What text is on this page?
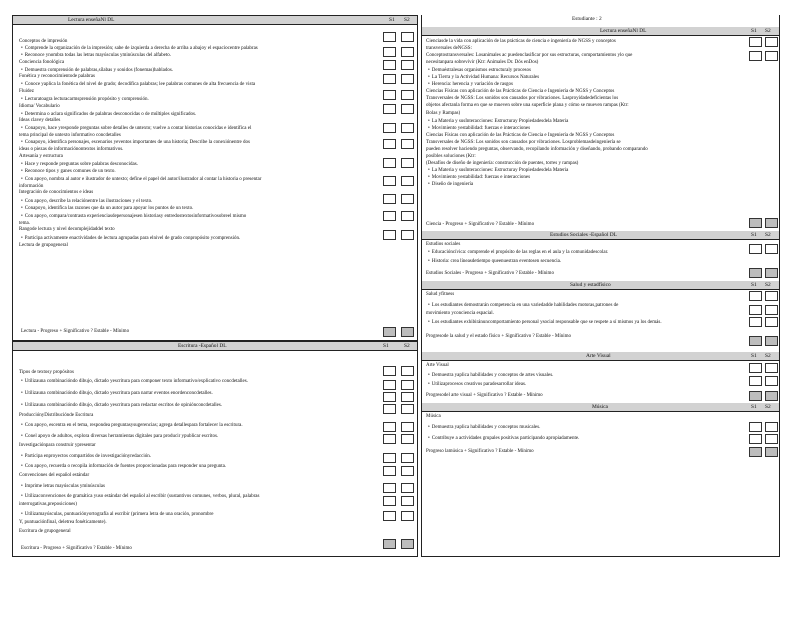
Lectura enseñaNl DL	S1 S2
Conceptos de impresión
• Comprende la organización de la impresión; sabe de izquierda a derecha de arriba a abajoy el espaciocentre palabras
• Reconoce ynombra todas las letras mayúsculas yminúsculas del alfabeto.
Conciencia fonológica
• Demuestra comprensión de palabras,sílabas y sonidos (fonemas)hablados.
Fonética y reconocimientode palabras
• Conoce yaplica la fonética del nivel de grado; decodifica palabras; lee palabras comunes de alta frecuencia de vista
Fluidez
• Lecturatoagra lecturacarmsprensión propósito y comprensión.
Idioma/ Vocabulario
• Determina o aclara significados de palabras desconocidas o de múltiples significados.
Ideas clavey detalles
• Conapoyo, hace yresponde preguntas sobre detalles de untexto; vuelve a contar historias conocidas e identifica el
tema principal de untexto informativo concdetalles
• Conapoyo, identifica personajes, escenarios yeventos importantes de una historia; Describe la conexiónentre dos
ideas o piezas de informaciónontextos informativos.
Artesanía y estructura
• Hace y responde preguntas sobre palabras desconocidas.
• Reconoce tipos y ganes comunes de un texto.
• Con apoyo, nombra al autor e ilustrador de untexto; define el papel del autor/ilustrador al contar la historia o presentar
información
Integración de conocimientos e ideas
• Con apoyo, describe la relaciónentre las ilustraciones y el texto.
• Conapoyo, identifica las razones que da un autor para apoyar los puntos de un texto.
• Con apoyo, compara/contrasta experienciasdepersonajesen historiasy entredostextosinformativosobreel mismo
tema.
Rangode lectura y nivel decomplejidaddel texto
• Participa activamente enactividades de lectura agrupadas para elnivel de grado conpropósito ycomprensión.
Lectura de grupogeneral
Lectura - Progreso + Significativo ? Estable - Mínimo
Escritura -Español DL	S1	S2
Tipos de textosy propósitos
• Utilizauna combinacióndo dibujo, dictado yescritura para componer texto informativo/explicativo concdetalles.
• Utilizauna combinacióndo dibujo, dictado yescritura para narrar eventos enordenconcdetalles.
• Utilizauna combinacióndo dibujo, dictado yescritura para redactar escritos de opiniónconcdetalles.
ProducciónyDistribuciónde Escritura
• Con apoyo, escentra en el tema, respondea preguntasysugerencias; agrega detallespara fortalecer la escritura.
• Conel apoyo de adultos, explora diversas herramientas digitales para producir ypublicar escritos.
Investigaciónpara construir ypresentar
• Participa enproyectos compartidos de investigaciónyredacción.
• Con apoyo, recuerda o recopila información de fuentes proporcionadas para responder una pregunta.
Convenciones del español estándar
• Imprime letras mayúsculas yminúsculas
• Utilizaconvenciones de gramática yuso estándar del español al escribir (sustantivos comunes, verbos, plural, palabras
interrogativas,preposiciones)
• Utilizamayúsculas, puntuaciónyortografía al escribir (primera letra de una oración, pronombre
Y, puntuaciónfinal, deletrea fonéticamente).
Escritura de grupogeneral
Escritura - Progreso + Significativo ? Estable - Mínimo
Estudiante : 2
Lectura enseñaNl DL	S1 S2
Cienciasde la vida con aplicación de las prácticas de ciencia e ingeniería de NGSS y conceptos
transversales deNGSS:
Conceptostransversales: Losanimales ac puedenclasificar por sus estructuras, comportamientos ylo que
necesitanpara sobrevivir (Ktr: Animales Dr. Dós enDos)
• Demuéstralesas organismos estructuraly procesos
• La Tierra y la Actividad Humana: Recursos Naturales
• Herencia: herencia y variación de rasgos
Ciencias Físicas con aplicación de las Prácticas de Ciencia e Ingeniería de NGSS y Conceptos
Transversales de NGSS: Los sonidos son causados por vibraciones. Lasproyidadedeficientas los
objetos afectanla forma en que se mueven sobre una superficie plana y cómo se mueven rampas (Ktr:
Bolas y Rampas)
• La Materia y susInteracciones: Estructuray Propiedadesdela Materia
• Movimiento yestabilidad: fuerzas e interacciones
Ciencias Físicas con aplicación de las Prácticas de Ciencia e Ingeniería de NGSS y Conceptos
Transversales de NGSS: Los sonidos son causados por vibraciones. Losproblemasdeingeniería se
pueden resolver haciendo preguntas, observando, recopilando información y diseñando, probando comparando
posibles soluciones (Ktr:
(Desafíos de diseño de ingeniería: construcción de puentes, torres y rampas)
• La Materia y susInteracciones: Estructuray Propiedadesdela Materia
• Movimiento yestabilidad: fuerzas e interacciones
• Diseño de ingeniería
Ciencia - Progreso + Significativo ? Estable - Mínimo
Estudios Sociales -Español DL	S1 S2
Estudios sociales
• Educacióncívica: comprende el propósito de las reglas en el aula y la comunidadescolar.
• Historia: crea líneasdetiempo queenuestran eventosen secuencia.
Estudios Sociales - Progreso + Significativo ? Estable - Mínimo
Salud y estadfísico	S1 S2
Salud yfitness
• Los estudiantes demostrarán competencia en una variedadde habilidades motoras,patrones de
movimiento yconciencia espacial.
• Los estudiantes exhibiránuncomportamiento personal ysocial responsable que se respete a sí mismos ya los demás.
Progresode la salud y el estado físico + Significativo ? Estable - Mínimo
Arte Visual	S1 S2
Arte Visual
• Demuestra yaplica habilidades y conceptos de artes visuales.
• Utilizaprocesos creativos paradesarrollar ideas.
Progresodel arte visual + Significativo ? Estable - Mínimo
Música	S1 S2
Música
• Demuestra yaplica habilidades y conceptos musicales.
• Contribuye a actividades grupales positivas participando apropiadamente.
Progreso lamúsica + Significativo ? Estable - Mínimo
